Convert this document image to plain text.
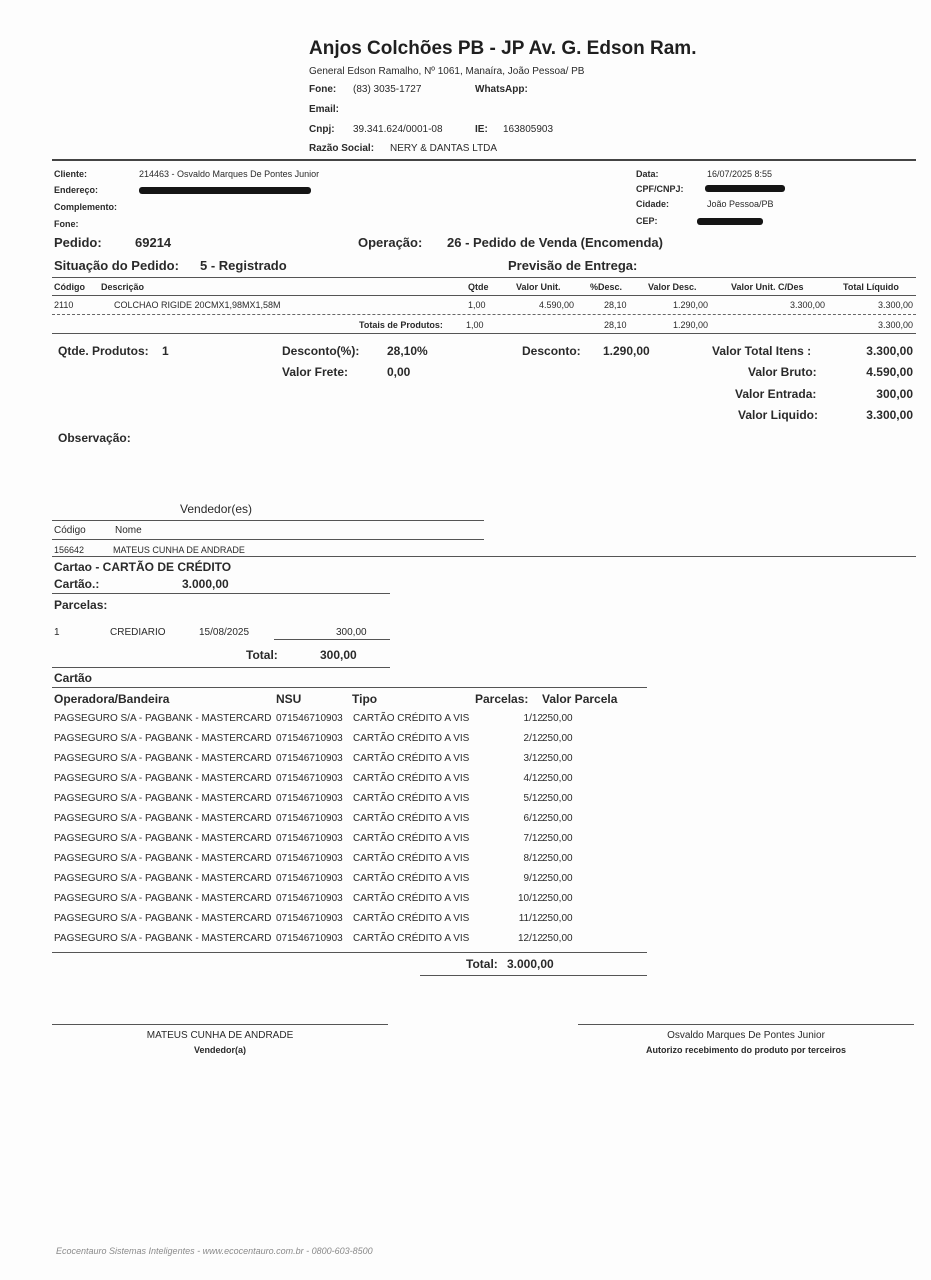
Anjos Colchões PB - JP Av. G. Edson Ram.
General Edson Ramalho, Nº 1061, Manaíra, João Pessoa/ PB
Fone: (83) 3035-1727	WhatsApp:
Email:
Cnpj: 39.341.624/0001-08	IE: 163805903
Razão Social: NERY & DANTAS LTDA
Cliente:	214463 - Osvaldo Marques De Pontes Junior
Endereço:
Complemento:
Fone:
Data:	16/07/2025 8:55
CPF/CNPJ:
Cidade:	João Pessoa/PB
CEP:
Pedido:	69214	Operação: 26 - Pedido de Venda (Encomenda)
Situação do Pedido: 5 - Registrado	Previsão de Entrega:
Código Descrição	Qtde	Valor Unit.	%Desc.	Valor Desc.	Valor Unit. C/Des	Total Líquido
2110	COLCHAO RIGIDE 20CMX1,98MX1,58M	1,00	4.590,00	28,10	1.290,00	3.300,00	3.300,00
Totais de Produtos:	1,00	28,10	1.290,00	3.300,00
Qtde. Produtos: 1	Desconto(%): 28,10%	Desconto: 1.290,00	Valor Total Itens :	3.300,00
Valor Frete:	0,00	Valor Bruto:	4.590,00
Valor Entrada:	300,00
Valor Liquido:	3.300,00
Observação:
Vendedor(es)
Código	Nome
156642	MATEUS CUNHA DE ANDRADE
Cartao - CARTÃO DE CRÉDITO
Cartão.:	3.000,00
Parcelas:
1	CREDIARIO	15/08/2025	300,00
Total:	300,00
Cartão
Operadora/Bandeira	NSU	Tipo	Parcelas: Valor Parcela
PAGSEGURO S/A - PAGBANK - MASTERCARD 071546710903 CARTÃO CRÉDITO A VIS	1/12 250,00
PAGSEGURO S/A - PAGBANK - MASTERCARD 071546710903 CARTÃO CRÉDITO A VIS	2/12 250,00
PAGSEGURO S/A - PAGBANK - MASTERCARD 071546710903 CARTÃO CRÉDITO A VIS	3/12 250,00
PAGSEGURO S/A - PAGBANK - MASTERCARD 071546710903 CARTÃO CRÉDITO A VIS	4/12 250,00
PAGSEGURO S/A - PAGBANK - MASTERCARD 071546710903 CARTÃO CRÉDITO A VIS	5/12 250,00
PAGSEGURO S/A - PAGBANK - MASTERCARD 071546710903 CARTÃO CRÉDITO A VIS	6/12 250,00
PAGSEGURO S/A - PAGBANK - MASTERCARD 071546710903 CARTÃO CRÉDITO A VIS	7/12 250,00
PAGSEGURO S/A - PAGBANK - MASTERCARD 071546710903 CARTÃO CRÉDITO A VIS	8/12 250,00
PAGSEGURO S/A - PAGBANK - MASTERCARD 071546710903 CARTÃO CRÉDITO A VIS	9/12 250,00
PAGSEGURO S/A - PAGBANK - MASTERCARD 071546710903 CARTÃO CRÉDITO A VIS	10/12 250,00
PAGSEGURO S/A - PAGBANK - MASTERCARD 071546710903 CARTÃO CRÉDITO A VIS	11/12 250,00
PAGSEGURO S/A - PAGBANK - MASTERCARD 071546710903 CARTÃO CRÉDITO A VIS	12/12 250,00
Total: 3.000,00
MATEUS CUNHA DE ANDRADE
Vendedor(a)
Osvaldo Marques De Pontes Junior
Autorizo recebimento do produto por terceiros
Ecocentauro Sistemas Inteligentes - www.ecocentauro.com.br - 0800-603-8500
